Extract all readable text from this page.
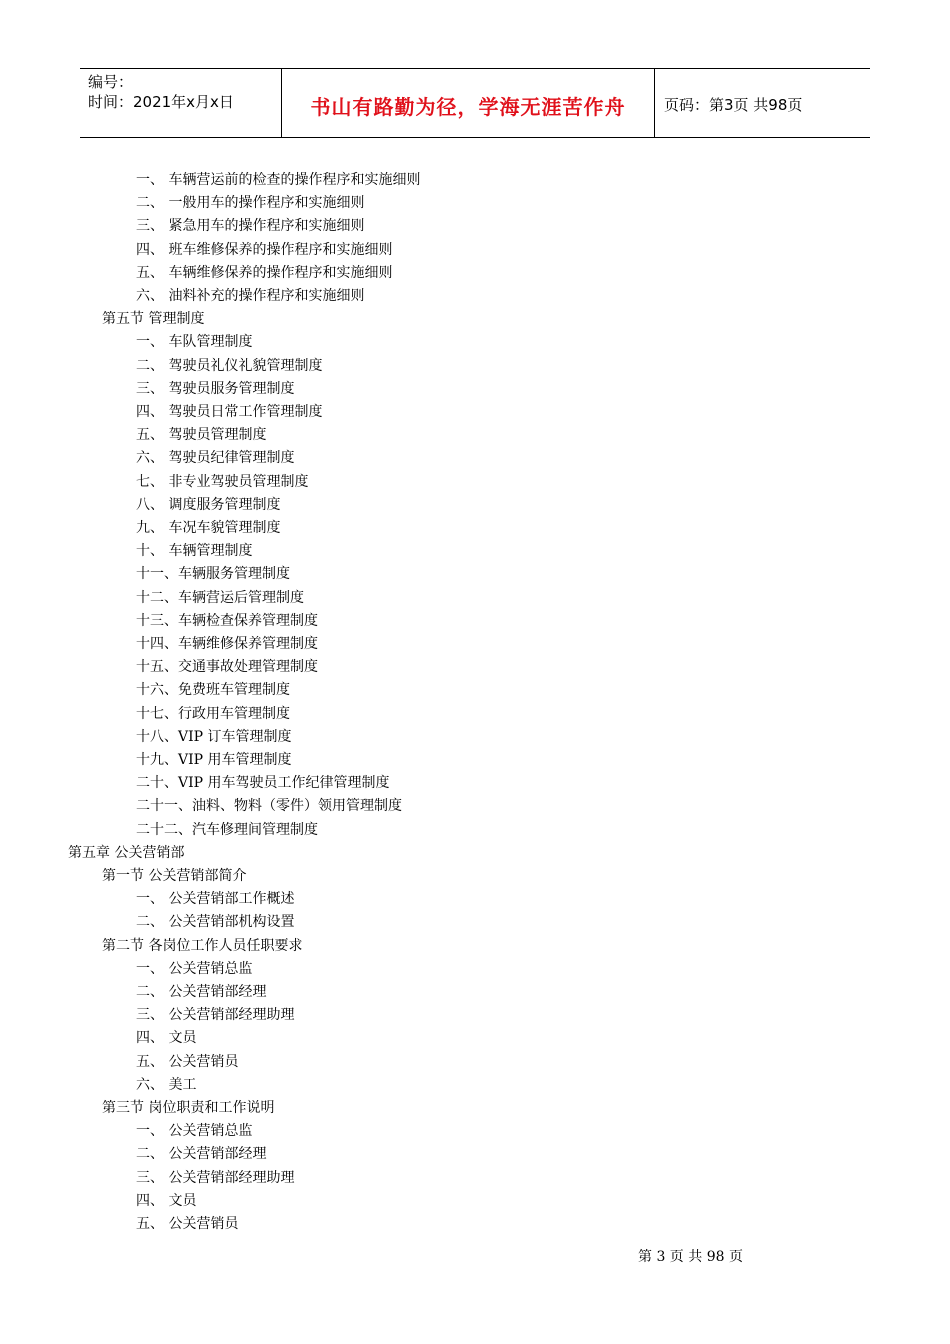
编号：
时间：2021年x月x日	书山有路勤为径，学海无涯苦作舟	页码：第3页 共98页
一、 车辆营运前的检查的操作程序和实施细则
二、 一般用车的操作程序和实施细则
三、 紧急用车的操作程序和实施细则
四、 班车维修保养的操作程序和实施细则
五、 车辆维修保养的操作程序和实施细则
六、 油料补充的操作程序和实施细则
第五节 管理制度
一、 车队管理制度
二、 驾驶员礼仪礼貌管理制度
三、 驾驶员服务管理制度
四、 驾驶员日常工作管理制度
五、 驾驶员管理制度
六、 驾驶员纪律管理制度
七、 非专业驾驶员管理制度
八、 调度服务管理制度
九、 车况车貌管理制度
十、 车辆管理制度
十一、车辆服务管理制度
十二、车辆营运后管理制度
十三、车辆检查保养管理制度
十四、车辆维修保养管理制度
十五、交通事故处理管理制度
十六、免费班车管理制度
十七、行政用车管理制度
十八、VIP 订车管理制度
十九、VIP 用车管理制度
二十、VIP 用车驾驶员工作纪律管理制度
二十一、油料、物料（零件）领用管理制度
二十二、汽车修理间管理制度
第五章 公关营销部
第一节 公关营销部简介
一、 公关营销部工作概述
二、 公关营销部机构设置
第二节 各岗位工作人员任职要求
一、 公关营销总监
二、 公关营销部经理
三、 公关营销部经理助理
四、 文员
五、 公关营销员
六、 美工
第三节 岗位职责和工作说明
一、 公关营销总监
二、 公关营销部经理
三、 公关营销部经理助理
四、 文员
五、 公关营销员
第 3 页 共 98 页
